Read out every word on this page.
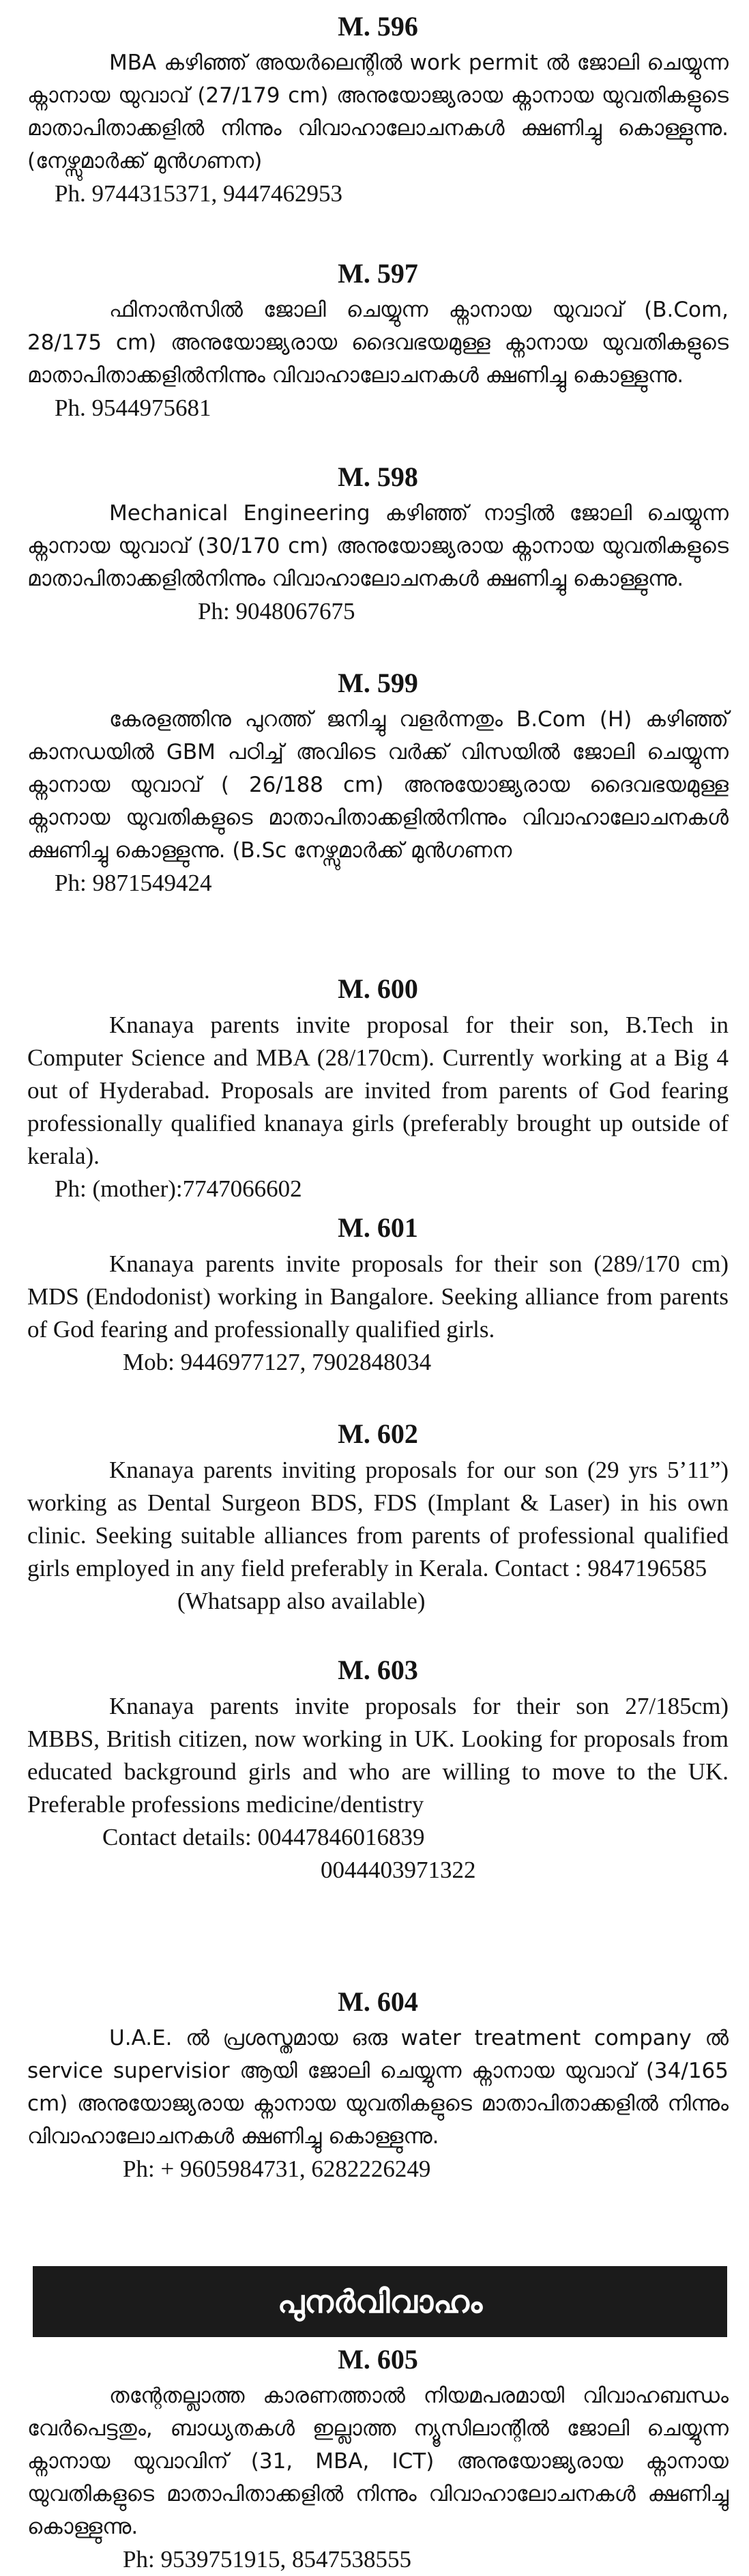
M. 596

MBA കഴിഞ്ഞ് അയർലെന്റിൽ work permit ൽ ജോലി ചെയ്യുന്ന ക്നാനായ യുവാവ് (27/179 cm) അനുയോജ്യരായ ക്നാനായ യുവതികളുടെ മാതാപിതാക്കളിൽ നിന്നും വിവാഹാലോചനകൾ ക്ഷണിച്ചു കൊള്ളുന്നു. (നേഴ്സുമാർക്ക് മുൻഗണന)

Ph. 9744315371, 9447462953
M. 597

ഫിനാൻസിൽ ജോലി ചെയ്യുന്ന ക്നാനായ യുവാവ് (B.Com, 28/175 cm) അനുയോജ്യരായ ദൈവഭയമുള്ള ക്നാനായ യുവതികളുടെ മാതാപിതാക്കളിൽനിന്നും വിവാഹാലോചനകൾ ക്ഷണിച്ചു കൊള്ളുന്നു.

Ph. 9544975681
M. 598

Mechanical Engineering കഴിഞ്ഞ് നാട്ടിൽ ജോലി ചെയ്യുന്ന ക്നാനായ യുവാവ് (30/170 cm) അനുയോജ്യരായ ക്നാനായ യുവതികളുടെ മാതാപിതാക്കളിൽനിന്നും വിവാഹാലോചനകൾ ക്ഷണിച്ചു കൊള്ളുന്നു.

Ph: 9048067675
M. 599

കേരളത്തിനു പുറത്ത് ജനിച്ചു വളർന്നതും B.Com (H) കഴിഞ്ഞ് കാനഡയിൽ GBM പഠിച്ച് അവിടെ വർക്ക് വിസയിൽ ജോലി ചെയ്യുന്ന ക്നാനായ യുവാവ് ( 26/188 cm) അനുയോജ്യരായ ദൈവഭയമുള്ള ക്നാനായ യുവതികളുടെ മാതാപിതാക്കളിൽനിന്നും വിവാഹാലോചനകൾ ക്ഷണിച്ചു കൊള്ളുന്നു. (B.Sc നേഴ്സുമാർക്ക് മുൻഗണന

Ph: 9871549424
M. 600

Knanaya parents invite proposal for their son, B.Tech in Computer Science and MBA (28/170cm). Currently working at a Big 4 out of Hyderabad. Proposals are invited from parents of God fearing professionally qualified knanaya girls (preferably brought up outside of kerala).

Ph: (mother):7747066602
M. 601

Knanaya parents invite proposals for their son (289/170 cm) MDS (Endodonist) working in Bangalore. Seeking alliance from parents of God fearing and professionally qualified girls.

Mob: 9446977127, 7902848034
M. 602

Knanaya parents inviting proposals for our son (29 yrs 5’11”) working as Dental Surgeon BDS, FDS (Implant & Laser) in his own clinic. Seeking suitable alliances from parents of professional qualified girls employed in any field preferably in Kerala. Contact : 9847196585

(Whatsapp also available)
M. 603

Knanaya parents invite proposals for their son 27/185cm) MBBS, British citizen, now working in UK. Looking for proposals from educated background girls and who are willing to move to the UK. Preferable professions medicine/dentistry

Contact details: 00447846016839
0044403971322
M. 604

U.A.E. ൽ പ്രശസ്തമായ ഒരു water treatment company ൽ service supervisior ആയി ജോലി ചെയ്യുന്ന ക്നാനായ യുവാവ് (34/165 cm) അനുയോജ്യരായ ക്നാനായ യുവതികളുടെ മാതാപിതാക്കളിൽ നിന്നും വിവാഹാലോചനകൾ ക്ഷണിച്ചു കൊള്ളുന്നു.

Ph: + 9605984731, 6282226249
പുനർവിവാഹം
M. 605

തന്റേതല്ലാത്ത കാരണത്താൽ നിയമപരമായി വിവാഹബന്ധം വേർപെട്ടതും, ബാധ്യതകൾ ഇല്ലാത്ത ന്യൂസിലാന്റിൽ ജോലി ചെയ്യുന്ന ക്നാനായ യുവാവിന് (31, MBA, ICT) അനുയോജ്യരായ ക്നാനായ യുവതികളുടെ മാതാപിതാക്കളിൽ നിന്നും വിവാഹാലോചനകൾ ക്ഷണിച്ചു കൊള്ളുന്നു.

Ph: 9539751915, 8547538555
